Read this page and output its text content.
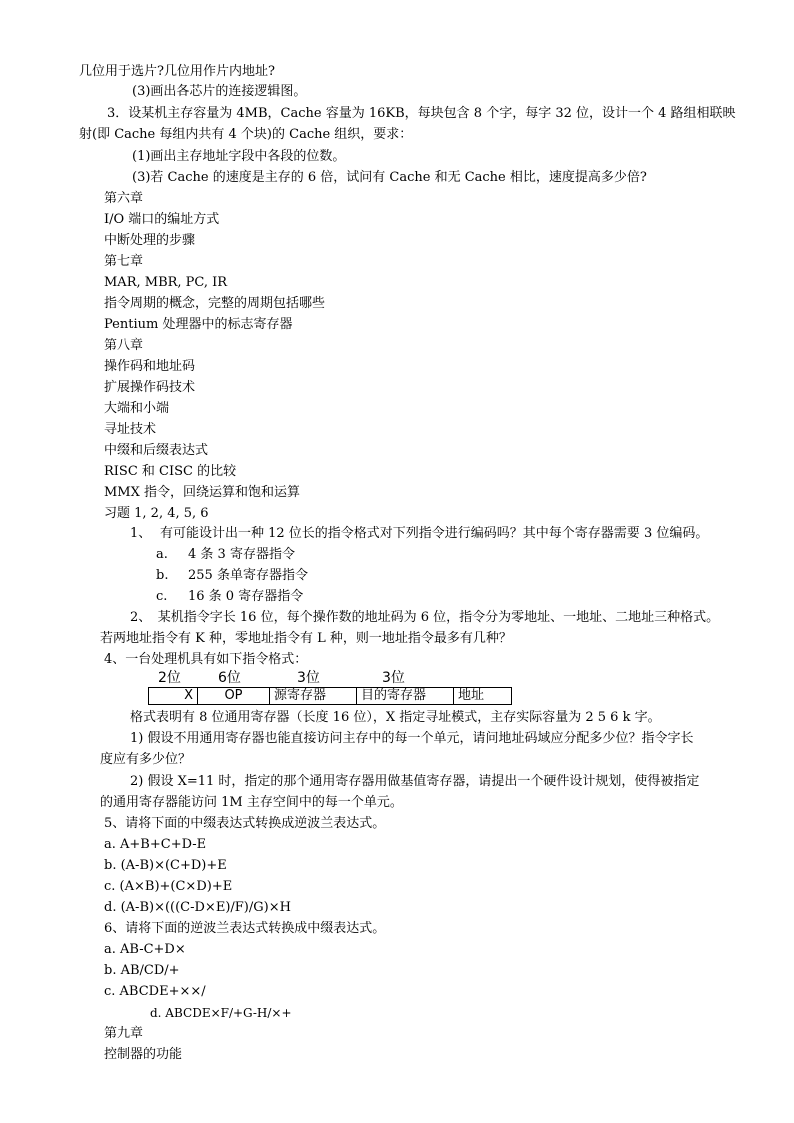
几位用于选片?几位用作片内地址?
(3)画出各芯片的连接逻辑图。
3．设某机主存容量为 4MB，Cache 容量为 16KB，每块包含 8 个字，每字 32 位，设计一个 4 路组相联映
射(即 Cache 每组内共有 4 个块)的 Cache 组织，要求：
(1)画出主存地址字段中各段的位数。
(3)若 Cache 的速度是主存的 6 倍，试问有 Cache 和无 Cache 相比，速度提高多少倍?
第六章
I/O 端口的编址方式
中断处理的步骤
第七章
MAR, MBR, PC, IR
指令周期的概念，完整的周期包括哪些
Pentium 处理器中的标志寄存器
第八章
操作码和地址码
扩展操作码技术
大端和小端
寻址技术
中缀和后缀表达式
RISC 和 CISC 的比较
MMX 指令，回绕运算和饱和运算
习题 1, 2, 4, 5, 6
1、 有可能设计出一种 12 位长的指令格式对下列指令进行编码吗？其中每个寄存器需要 3 位编码。
a. 4 条 3 寄存器指令
b. 255 条单寄存器指令
c. 16 条 0 寄存器指令
2、　某机指令字长 16 位，每个操作数的地址码为 6 位，指令分为零地址、一地址、二地址三种格式。
若两地址指令有 K 种，零地址指令有 L 种，则一地址指令最多有几种？
4、一台处理机具有如下指令格式：
2位	6位	3位	3位
X	OP	源寄存器	目的寄存器	地址
格式表明有 8 位通用寄存器（长度 16 位），X 指定寻址模式，主存实际容量为 2 5 6 k 字。
1) 假设不用通用寄存器也能直接访问主存中的每一个单元，请问地址码域应分配多少位？指令字长
度应有多少位？
2) 假设 X=11 时，指定的那个通用寄存器用做基值寄存器，请提出一个硬件设计规划，使得被指定
的通用寄存器能访问 1M 主存空间中的每一个单元。
5、请将下面的中缀表达式转换成逆波兰表达式。
a. A+B+C+D-E
b. (A-B)×(C+D)+E
c. (A×B)+(C×D)+E
d. (A-B)×(((C-D×E)/F)/G)×H
6、请将下面的逆波兰表达式转换成中缀表达式。
a. AB-C+D×
b. AB/CD/+
c. ABCDE+××/
d. ABCDE×F/+G-H/×+
第九章
控制器的功能
